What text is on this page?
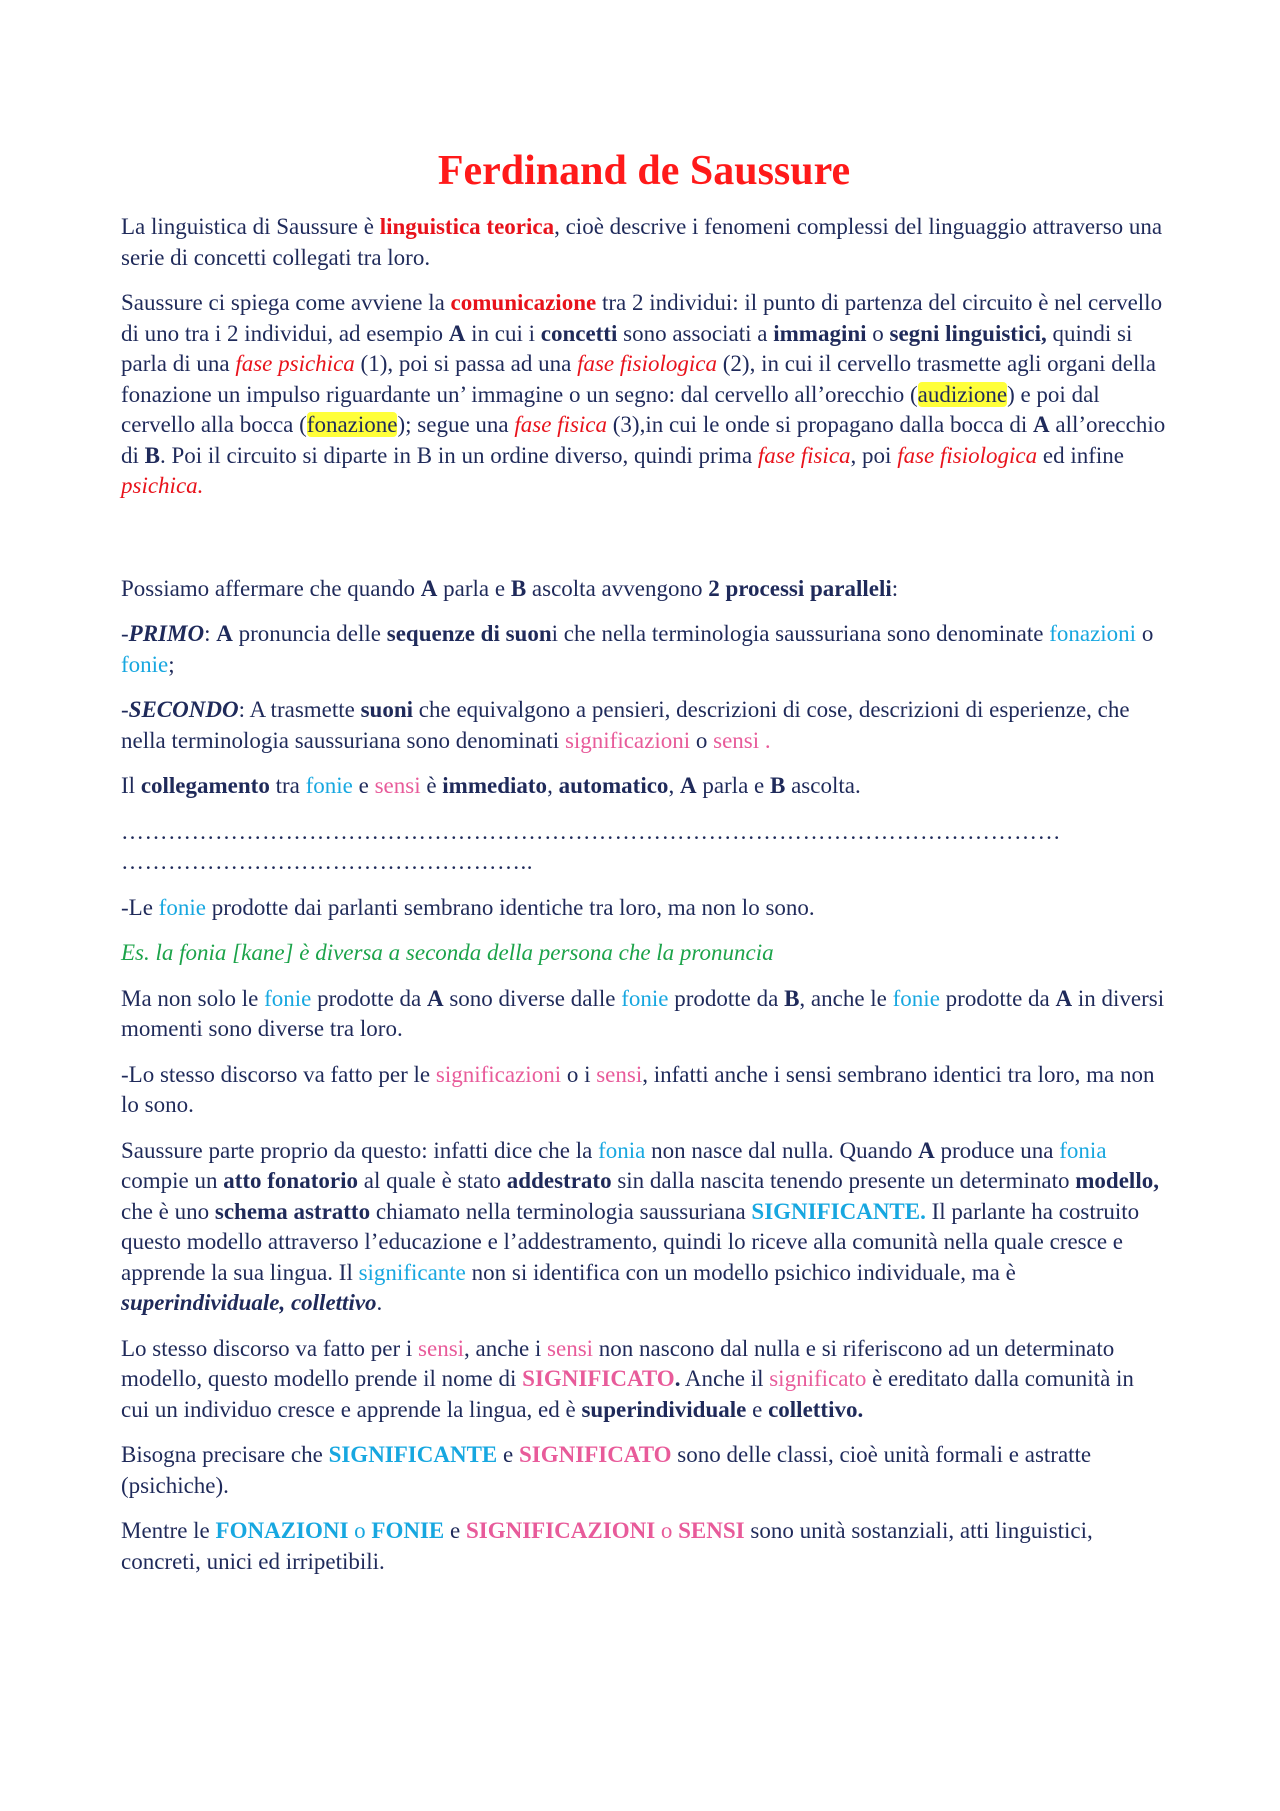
Ferdinand de Saussure

La linguistica di Saussure è linguistica teorica, cioè descrive i fenomeni complessi del linguaggio attraverso una serie di concetti collegati tra loro.

Saussure ci spiega come avviene la comunicazione tra 2 individui: il punto di partenza del circuito è nel cervello di uno tra i 2 individui, ad esempio A in cui i concetti sono associati a immagini o segni linguistici, quindi si parla di una fase psichica (1), poi si passa ad una fase fisiologica (2), in cui il cervello trasmette agli organi della fonazione un impulso riguardante un’ immagine o un segno: dal cervello all’orecchio (audizione) e poi dal cervello alla bocca (fonazione); segue una fase fisica (3),in cui le onde si propagano dalla bocca di A all’orecchio di B. Poi il circuito si diparte in B in un ordine diverso, quindi prima fase fisica, poi fase fisiologica ed infine psichica.

Possiamo affermare che quando A parla e B ascolta avvengono 2 processi paralleli:

-PRIMO: A pronuncia delle sequenze di suoni che nella terminologia saussuriana sono denominate fonazioni o fonie;

-SECONDO: A trasmette suoni che equivalgono a pensieri, descrizioni di cose, descrizioni di esperienze, che nella terminologia saussuriana sono denominati significazioni o sensi .

Il collegamento tra fonie e sensi è immediato, automatico, A parla e B ascolta.

…………………………………………………………………………………………………………
……………………………………………..

-Le fonie prodotte dai parlanti sembrano identiche tra loro, ma non lo sono.

Es. la fonia [kane] è diversa a seconda della persona che la pronuncia

Ma non solo le fonie prodotte da A sono diverse dalle fonie prodotte da B, anche le fonie prodotte da A in diversi momenti sono diverse tra loro.

-Lo stesso discorso va fatto per le significazioni o i sensi, infatti anche i sensi sembrano identici tra loro, ma non lo sono.

Saussure parte proprio da questo: infatti dice che la fonia non nasce dal nulla. Quando A produce una fonia compie un atto fonatorio al quale è stato addestrato sin dalla nascita tenendo presente un determinato modello, che è uno schema astratto chiamato nella terminologia saussuriana SIGNIFICANTE. Il parlante ha costruito questo modello attraverso l’educazione e l’addestramento, quindi lo riceve alla comunità nella quale cresce e apprende la sua lingua. Il significante non si identifica con un modello psichico individuale, ma è superindividuale, collettivo.

Lo stesso discorso va fatto per i sensi, anche i sensi non nascono dal nulla e si riferiscono ad un determinato modello, questo modello prende il nome di SIGNIFICATO. Anche il significato è ereditato dalla comunità in cui un individuo cresce e apprende la lingua, ed è superindividuale e collettivo.

Bisogna precisare che SIGNIFICANTE e SIGNIFICATO sono delle classi, cioè unità formali e astratte (psichiche).

Mentre le FONAZIONI o FONIE e SIGNIFICAZIONI o SENSI sono unità sostanziali, atti linguistici, concreti, unici ed irripetibili.
